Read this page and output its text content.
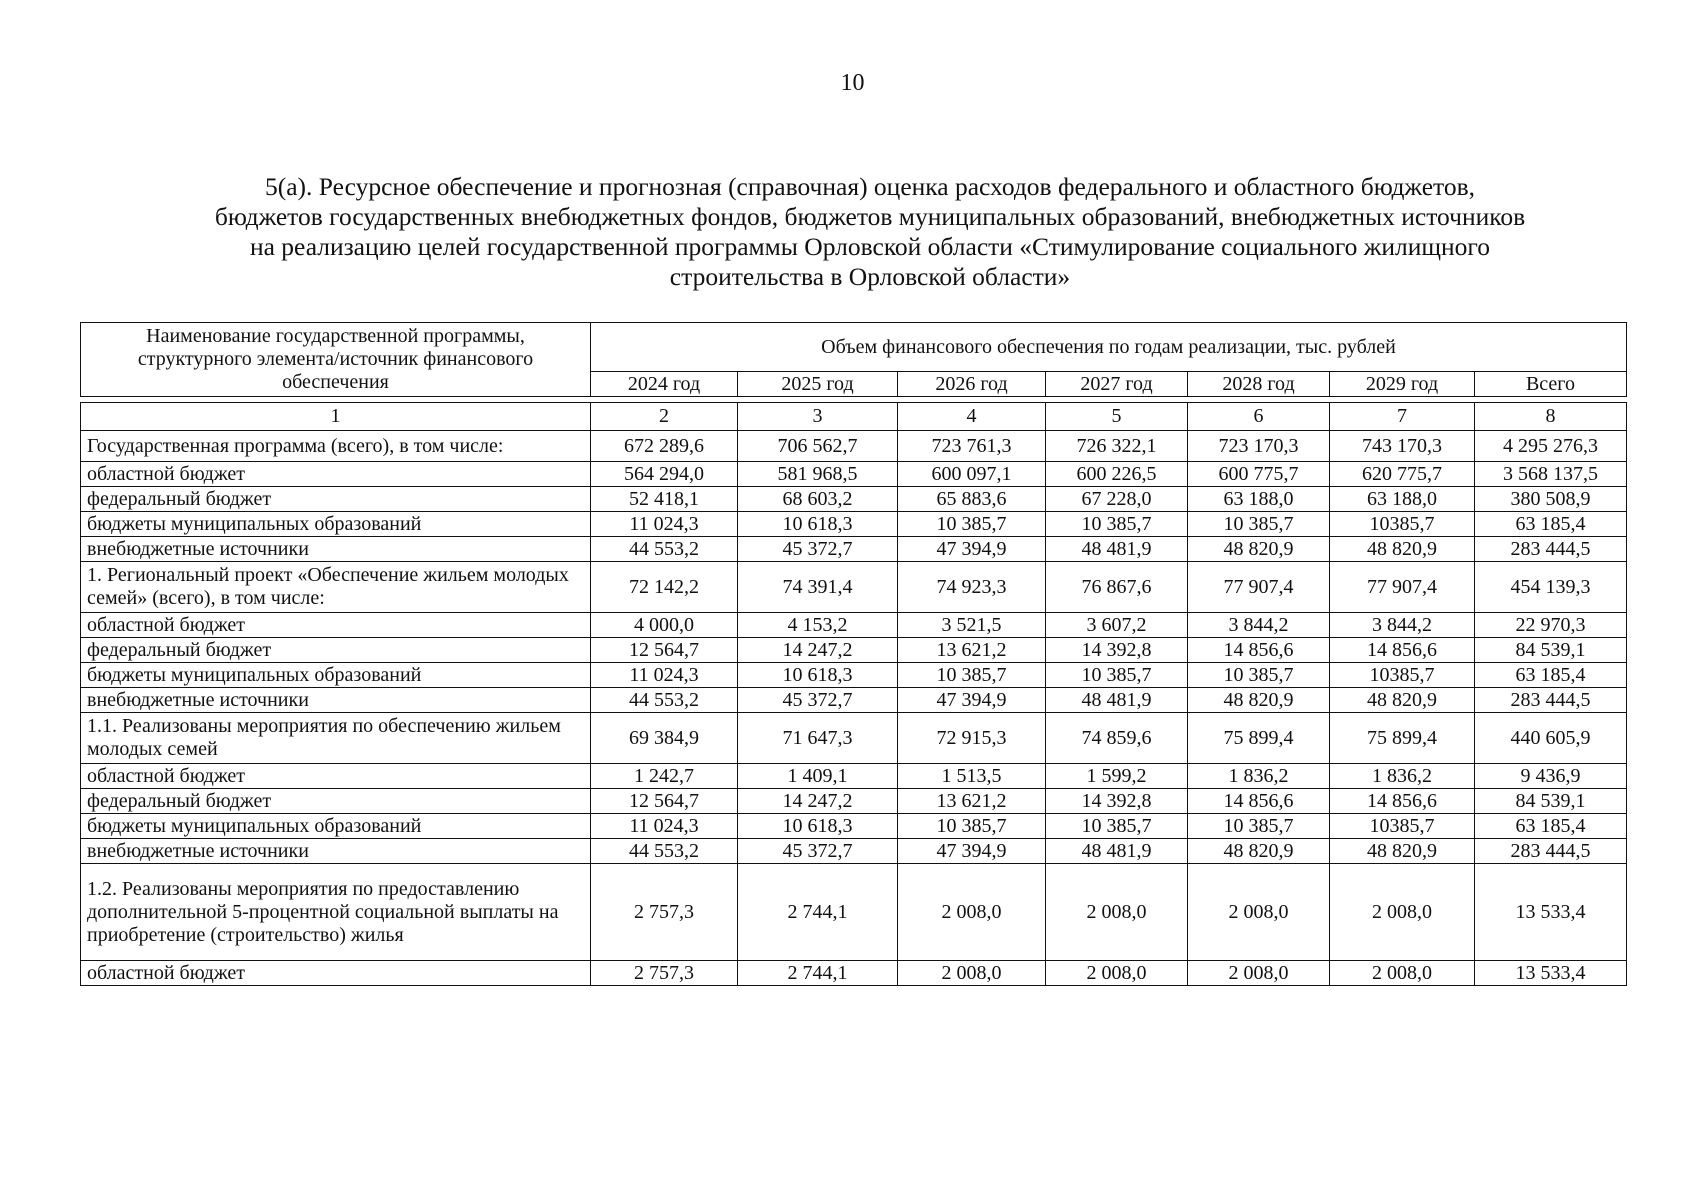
10
5(а). Ресурсное обеспечение и прогнозная (справочная) оценка расходов федерального и областного бюджетов,
бюджетов государственных внебюджетных фондов, бюджетов муниципальных образований, внебюджетных источников
на реализацию целей государственной программы Орловской области «Стимулирование социального жилищного
строительства в Орловской области»
Наименование государственной программы, структурного элемента/источник финансового обеспечения	Объем финансового обеспечения по годам реализации, тыс. рублей						
	2024 год	2025 год	2026 год	2027 год	2028 год	2029 год	Всего

1	2	3	4	5	6	7	8
Государственная программа (всего), в том числе:	672 289,6	706 562,7	723 761,3	726 322,1	723 170,3	743 170,3	4 295 276,3
областной бюджет	564 294,0	581 968,5	600 097,1	600 226,5	600 775,7	620 775,7	3 568 137,5
федеральный бюджет	52 418,1	68 603,2	65 883,6	67 228,0	63 188,0	63 188,0	380 508,9
бюджеты муниципальных образований	11 024,3	10 618,3	10 385,7	10 385,7	10 385,7	10385,7	63 185,4
внебюджетные источники	44 553,2	45 372,7	47 394,9	48 481,9	48 820,9	48 820,9	283 444,5
1. Региональный проект «Обеспечение жильем молодых семей» (всего), в том числе:	72 142,2	74 391,4	74 923,3	76 867,6	77 907,4	77 907,4	454 139,3
областной бюджет	4 000,0	4 153,2	3 521,5	3 607,2	3 844,2	3 844,2	22 970,3
федеральный бюджет	12 564,7	14 247,2	13 621,2	14 392,8	14 856,6	14 856,6	84 539,1
бюджеты муниципальных образований	11 024,3	10 618,3	10 385,7	10 385,7	10 385,7	10385,7	63 185,4
внебюджетные источники	44 553,2	45 372,7	47 394,9	48 481,9	48 820,9	48 820,9	283 444,5
1.1. Реализованы мероприятия по обеспечению жильем молодых семей	69 384,9	71 647,3	72 915,3	74 859,6	75 899,4	75 899,4	440 605,9
областной бюджет	1 242,7	1 409,1	1 513,5	1 599,2	1 836,2	1 836,2	9 436,9
федеральный бюджет	12 564,7	14 247,2	13 621,2	14 392,8	14 856,6	14 856,6	84 539,1
бюджеты муниципальных образований	11 024,3	10 618,3	10 385,7	10 385,7	10 385,7	10385,7	63 185,4
внебюджетные источники	44 553,2	45 372,7	47 394,9	48 481,9	48 820,9	48 820,9	283 444,5
1.2. Реализованы мероприятия по предоставлению дополнительной 5-процентной социальной выплаты на приобретение (строительство) жилья	2 757,3	2 744,1	2 008,0	2 008,0	2 008,0	2 008,0	13 533,4
областной бюджет	2 757,3	2 744,1	2 008,0	2 008,0	2 008,0	2 008,0	13 533,4
